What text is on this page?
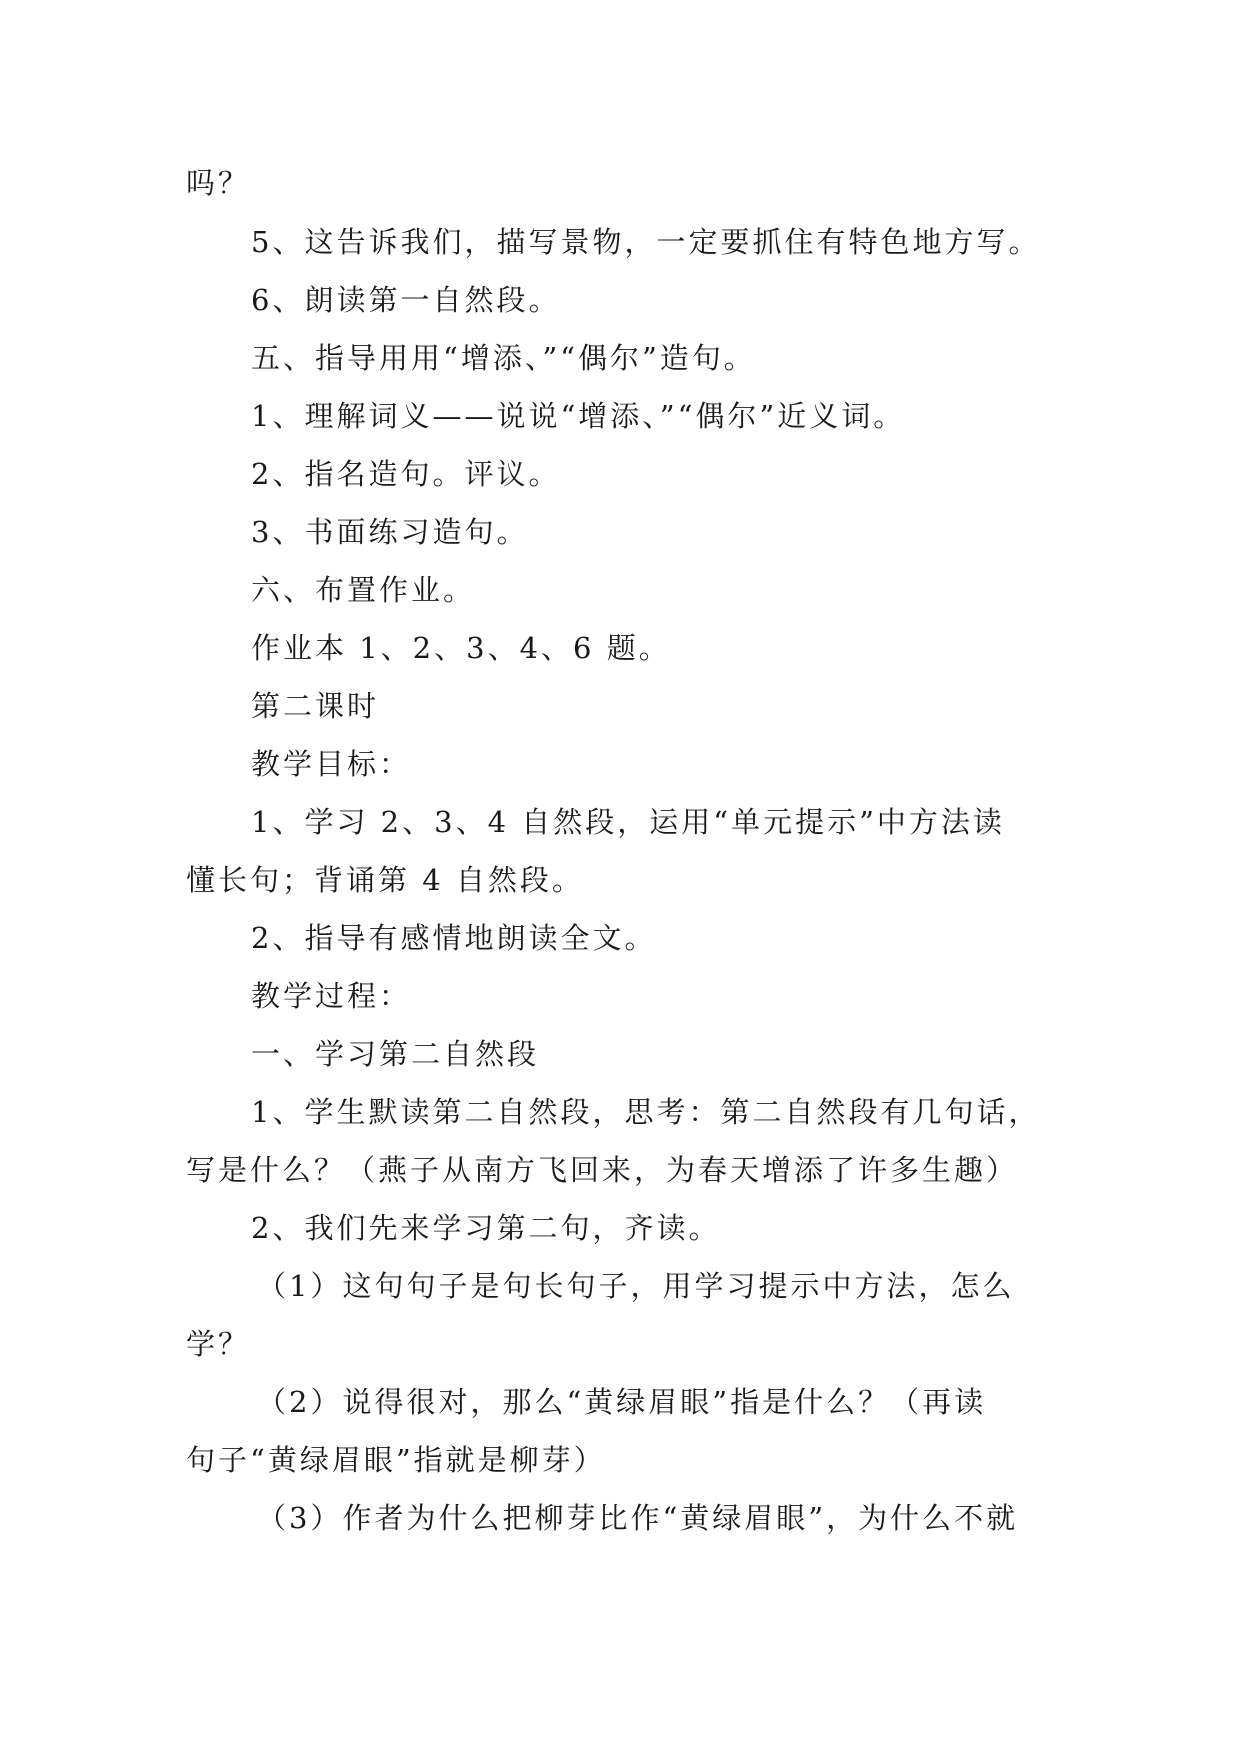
吗？
5、这告诉我们，描写景物，一定要抓住有特色地方写。
6、朗读第一自然段。
五、指导用用“增添、”“偶尔”造句。
1、理解词义——说说“增添、”“偶尔”近义词。
2、指名造句。评议。
3、书面练习造句。
六、布置作业。
作业本 1、2、3、4、6 题。
第二课时
教学目标：
1、学习 2、3、4 自然段，运用“单元提示”中方法读
懂长句；背诵第 4 自然段。
2、指导有感情地朗读全文。
教学过程：
一、学习第二自然段
1、学生默读第二自然段，思考：第二自然段有几句话，
写是什么？（燕子从南方飞回来，为春天增添了许多生趣）
2、我们先来学习第二句，齐读。
（1）这句句子是句长句子，用学习提示中方法，怎么
学？
（2）说得很对，那么“黄绿眉眼”指是什么？（再读
句子“黄绿眉眼”指就是柳芽）
（3）作者为什么把柳芽比作“黄绿眉眼”，为什么不就
